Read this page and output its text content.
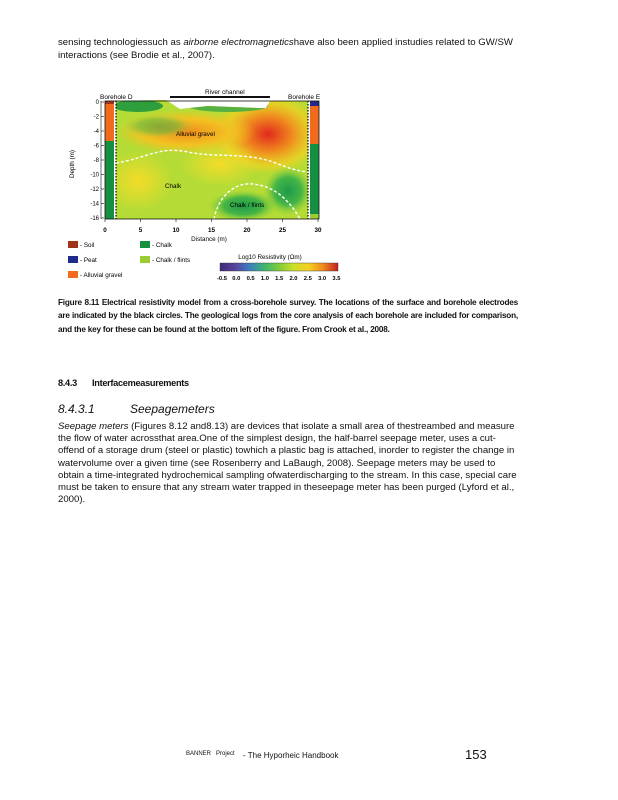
sensing technologiessuch as airborne electromagneticshave also been applied instudies related to GW/SW interactions (see Brodie et al., 2007).
Borehole D
River channel
Borehole E
0
-2
-4
-6
-8
-10
-12
-14
-16
Depth (m)
0	5	10	15	20	25	30
Distance (m)
Alluvial gravel
Chalk
Chalk / flints
- Soil
- Peat
- Alluvial gravel
- Chalk
- Chalk / flints	Log10 Resistivity (Ωm)
-0.5 0.0 0.5 1.0 1.5 2.0 2.5 3.0 3.5
Figure 8.11 Electrical resistivity model from a cross-borehole survey. The locations of the surface and borehole electrodes are indicated by the black circles. The geological logs from the core analysis of each borehole are included for comparison, and the key for these can be found at the bottom left of the figure. From Crook et al., 2008.
8.4.3 Interfacemeasurements
8.4.3.1	Seepagemeters
Seepage meters (Figures 8.12 and8.13) are devices that isolate a small area of thestreambed and measure the flow of water acrossthat area.One of the simplest design, the half-barrel seepage meter, uses a cut-offend of a storage drum (steel or plastic) towhich a plastic bag is attached, inorder to register the change in watervolume over a given time (see Rosenberry and LaBaugh, 2008). Seepage meters may be used to obtain a time-integrated hydrochemical sampling ofwaterdischarging to the stream. In this case, special care must be taken to ensure that any stream water trapped in theseepage meter has been purged (Lyford et al., 2000).
BANNER Project - The Hyporheic Handbook	153
